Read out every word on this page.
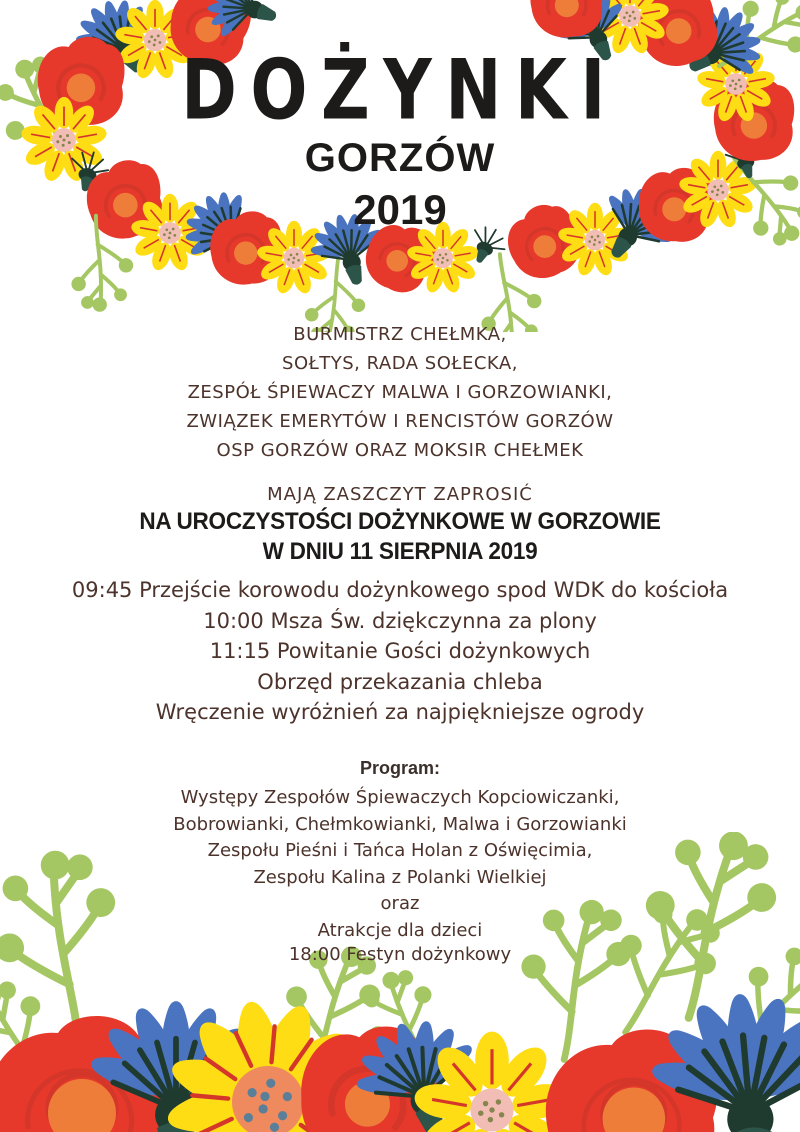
DOŻYNKI
GORZÓW
2019
BURMISTRZ CHEŁMKA,
SOŁTYS, RADA SOŁECKA,
ZESPÓŁ ŚPIEWACZY MALWA I GORZOWIANKI,
ZWIĄZEK EMERYTÓW I RENCISTÓW GORZÓW
OSP GORZÓW ORAZ MOKSIR CHEŁMEK
MAJĄ ZASZCZYT ZAPROSIĆ
NA UROCZYSTOŚCI DOŻYNKOWE W GORZOWIE
W DNIU 11 SIERPNIA 2019
09:45 Przejście korowodu dożynkowego spod WDK do kościoła
10:00 Msza Św. dziękczynna za plony
11:15 Powitanie Gości dożynkowych
Obrzęd przekazania chleba
Wręczenie wyróżnień za najpiękniejsze ogrody
Program:
Występy Zespołów Śpiewaczych Kopciowiczanki,
Bobrowianki, Chełmkowianki, Malwa i Gorzowianki
Zespołu Pieśni i Tańca Holan z Oświęcimia,
Zespołu Kalina z Polanki Wielkiej
oraz
Atrakcje dla dzieci
18:00 Festyn dożynkowy
